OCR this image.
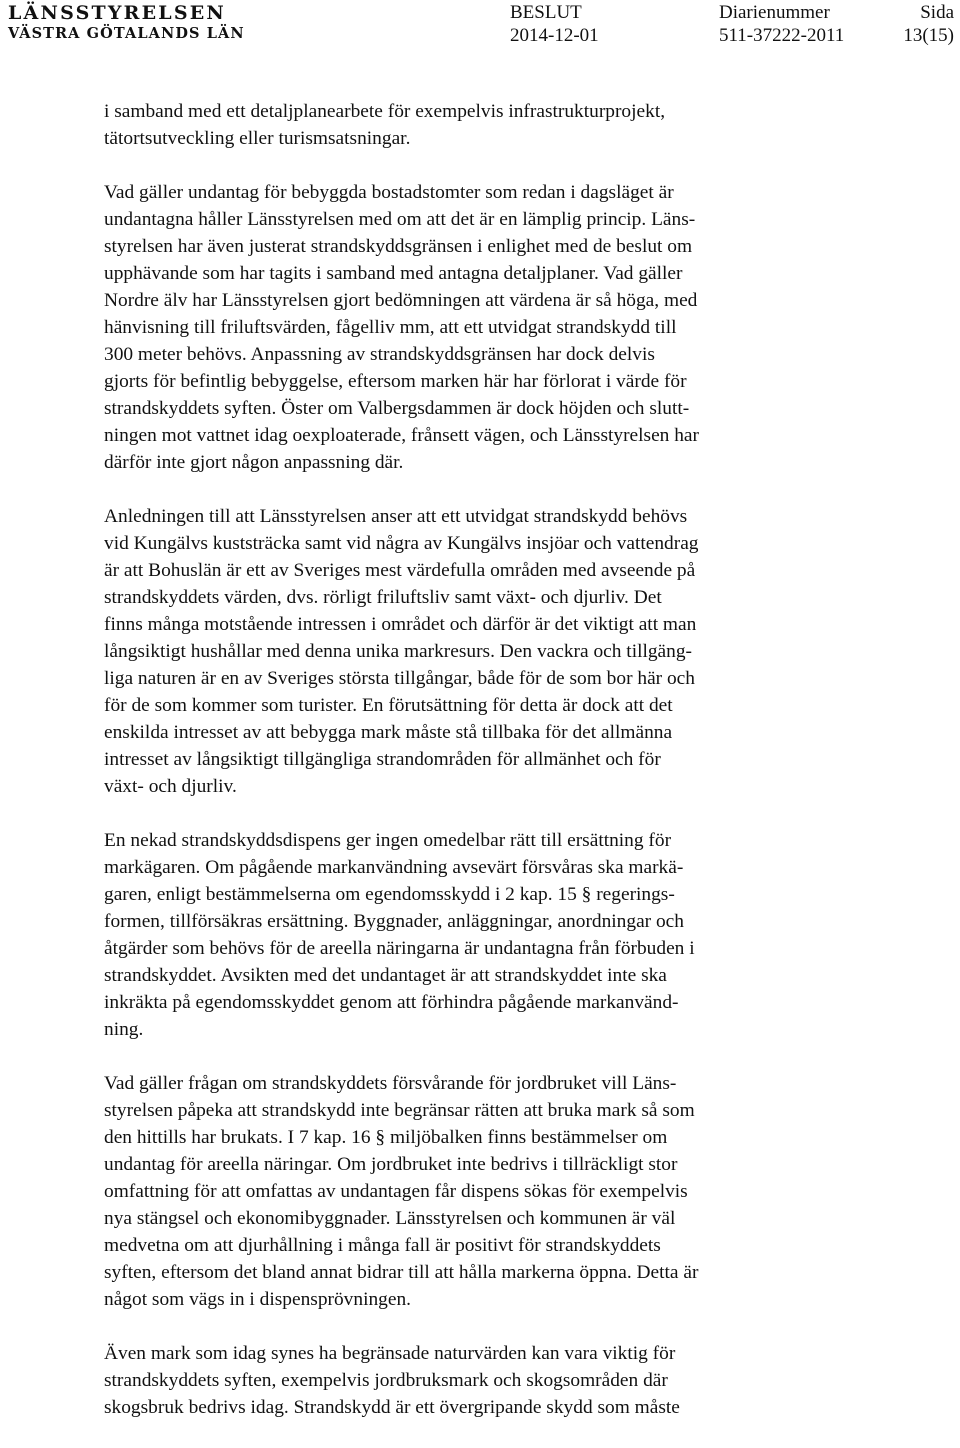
LÄNSSTYRELSEN
VÄSTRA GÖTALANDS LÄN
BESLUT
2014-12-01
Diarienummer
511-37222-2011
Sida
13(15)

i samband med ett detaljplanearbete för exempelvis infrastrukturprojekt,
tätortsutveckling eller turismsatsningar.

Vad gäller undantag för bebyggda bostadstomter som redan i dagsläget är
undantagna håller Länsstyrelsen med om att det är en lämplig princip. Läns-
styrelsen har även justerat strandskyddsgränsen i enlighet med de beslut om
upphävande som har tagits i samband med antagna detaljplaner. Vad gäller
Nordre älv har Länsstyrelsen gjort bedömningen att värdena är så höga, med
hänvisning till friluftsvärden, fågelliv mm, att ett utvidgat strandskydd till
300 meter behövs. Anpassning av strandskyddsgränsen har dock delvis
gjorts för befintlig bebyggelse, eftersom marken här har förlorat i värde för
strandskyddets syften. Öster om Valbergsdammen är dock höjden och slutt-
ningen mot vattnet idag oexploaterade, frånsett vägen, och Länsstyrelsen har
därför inte gjort någon anpassning där.

Anledningen till att Länsstyrelsen anser att ett utvidgat strandskydd behövs
vid Kungälvs kuststräcka samt vid några av Kungälvs insjöar och vattendrag
är att Bohuslän är ett av Sveriges mest värdefulla områden med avseende på
strandskyddets värden, dvs. rörligt friluftsliv samt växt- och djurliv. Det
finns många motstående intressen i området och därför är det viktigt att man
långsiktigt hushållar med denna unika markresurs. Den vackra och tillgäng-
liga naturen är en av Sveriges största tillgångar, både för de som bor här och
för de som kommer som turister. En förutsättning för detta är dock att det
enskilda intresset av att bebygga mark måste stå tillbaka för det allmänna
intresset av långsiktigt tillgängliga strandområden för allmänhet och för
växt- och djurliv.

En nekad strandskyddsdispens ger ingen omedelbar rätt till ersättning för
markägaren. Om pågående markanvändning avsevärt försvåras ska markä-
garen, enligt bestämmelserna om egendomsskydd i 2 kap. 15 § regerings-
formen, tillförsäkras ersättning. Byggnader, anläggningar, anordningar och
åtgärder som behövs för de areella näringarna är undantagna från förbuden i
strandskyddet. Avsikten med det undantaget är att strandskyddet inte ska
inkräkta på egendomsskyddet genom att förhindra pågående markanvänd-
ning.

Vad gäller frågan om strandskyddets försvårande för jordbruket vill Läns-
styrelsen påpeka att strandskydd inte begränsar rätten att bruka mark så som
den hittills har brukats. I 7 kap. 16 § miljöbalken finns bestämmelser om
undantag för areella näringar. Om jordbruket inte bedrivs i tillräckligt stor
omfattning för att omfattas av undantagen får dispens sökas för exempelvis
nya stängsel och ekonomibyggnader. Länsstyrelsen och kommunen är väl
medvetna om att djurhållning i många fall är positivt för strandskyddets
syften, eftersom det bland annat bidrar till att hålla markerna öppna. Detta är
något som vägs in i dispensprövningen.

Även mark som idag synes ha begränsade naturvärden kan vara viktig för
strandskyddets syften, exempelvis jordbruksmark och skogsområden där
skogsbruk bedrivs idag. Strandskydd är ett övergripande skydd som måste
